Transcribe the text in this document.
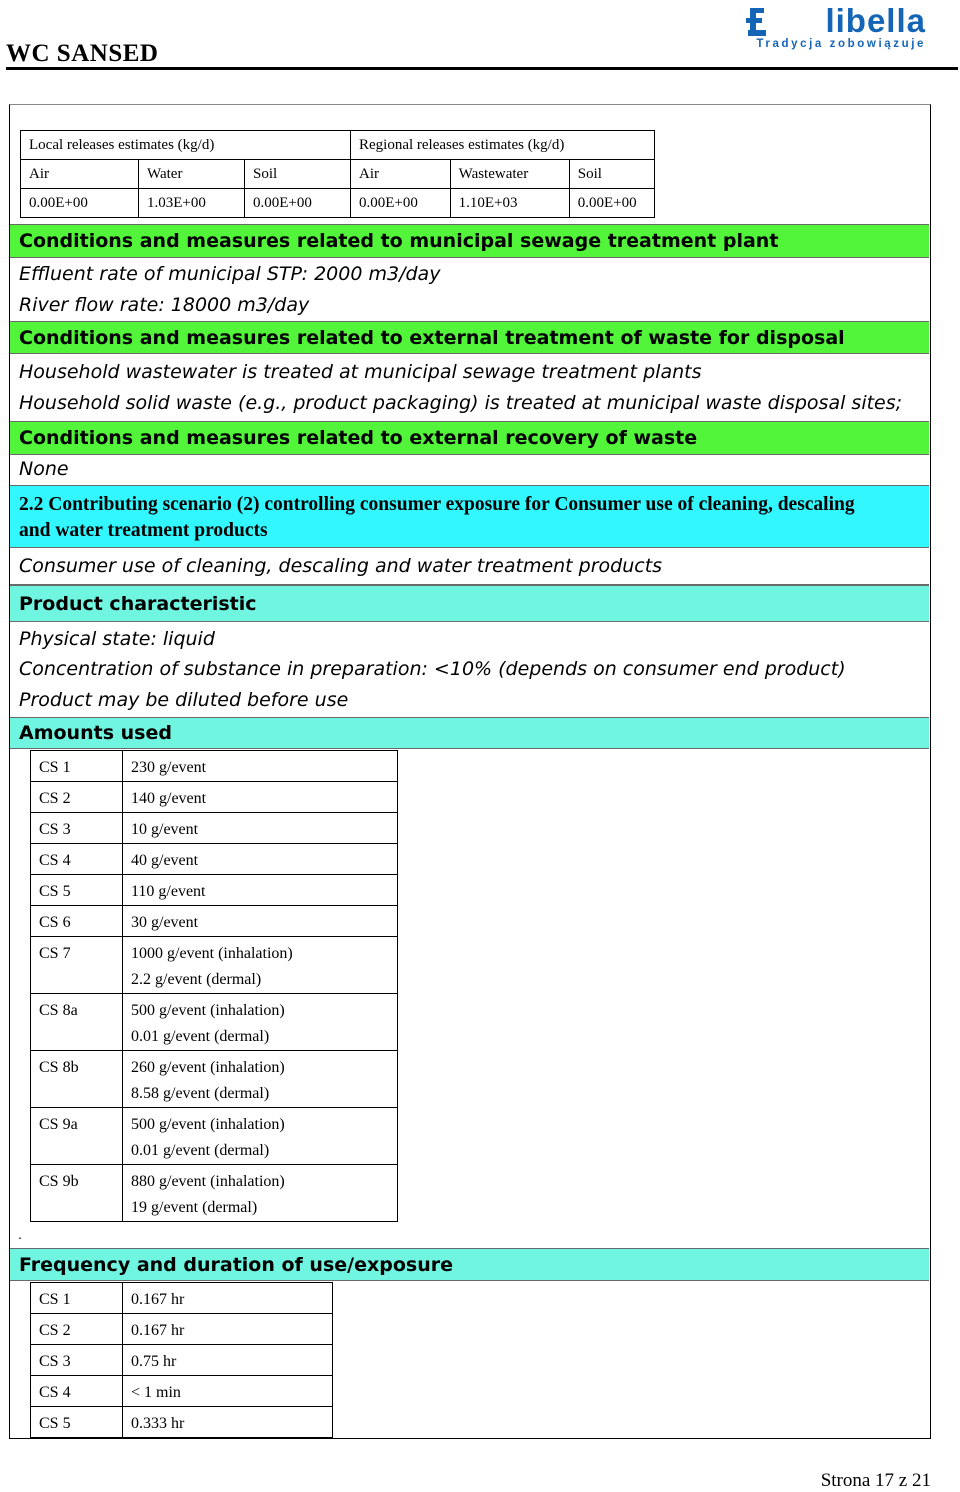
WC SANSED
libella
Tradycja zobowiązuje
Local releases estimates (kg/d)			Regional releases estimates (kg/d)		
Air	Water	Soil	Air	Wastewater	Soil
0.00E+00	1.03E+00	0.00E+00	0.00E+00	1.10E+03	0.00E+00
Conditions and measures related to municipal sewage treatment plant
Effluent rate of municipal STP: 2000 m3/day
River flow rate: 18000 m3/day
Conditions and measures related to external treatment of waste for disposal
Household wastewater is treated at municipal sewage treatment plants
Household solid waste (e.g., product packaging) is treated at municipal waste disposal sites;
Conditions and measures related to external recovery of waste
None
2.2 Contributing scenario (2) controlling consumer exposure for Consumer use of cleaning, descaling
and water treatment products
Consumer use of cleaning, descaling and water treatment products
Product characteristic
Physical state: liquid
Concentration of substance in preparation: <10% (depends on consumer end product)
Product may be diluted before use
Amounts used
CS 1	230 g/event
CS 2	140 g/event
CS 3	10 g/event
CS 4	40 g/event
CS 5	110 g/event
CS 6	30 g/event
CS 7	1000 g/event (inhalation)
2.2 g/event (dermal)

CS 8a	500 g/event (inhalation)
0.01 g/event (dermal)

CS 8b	260 g/event (inhalation)
8.58 g/event (dermal)

CS 9a	500 g/event (inhalation)
0.01 g/event (dermal)

CS 9b	880 g/event (inhalation)
19 g/event (dermal)
.
Frequency and duration of use/exposure
CS 1	0.167 hr
CS 2	0.167 hr
CS 3	0.75 hr
CS 4	< 1 min
CS 5	0.333 hr
Strona 17 z 21
